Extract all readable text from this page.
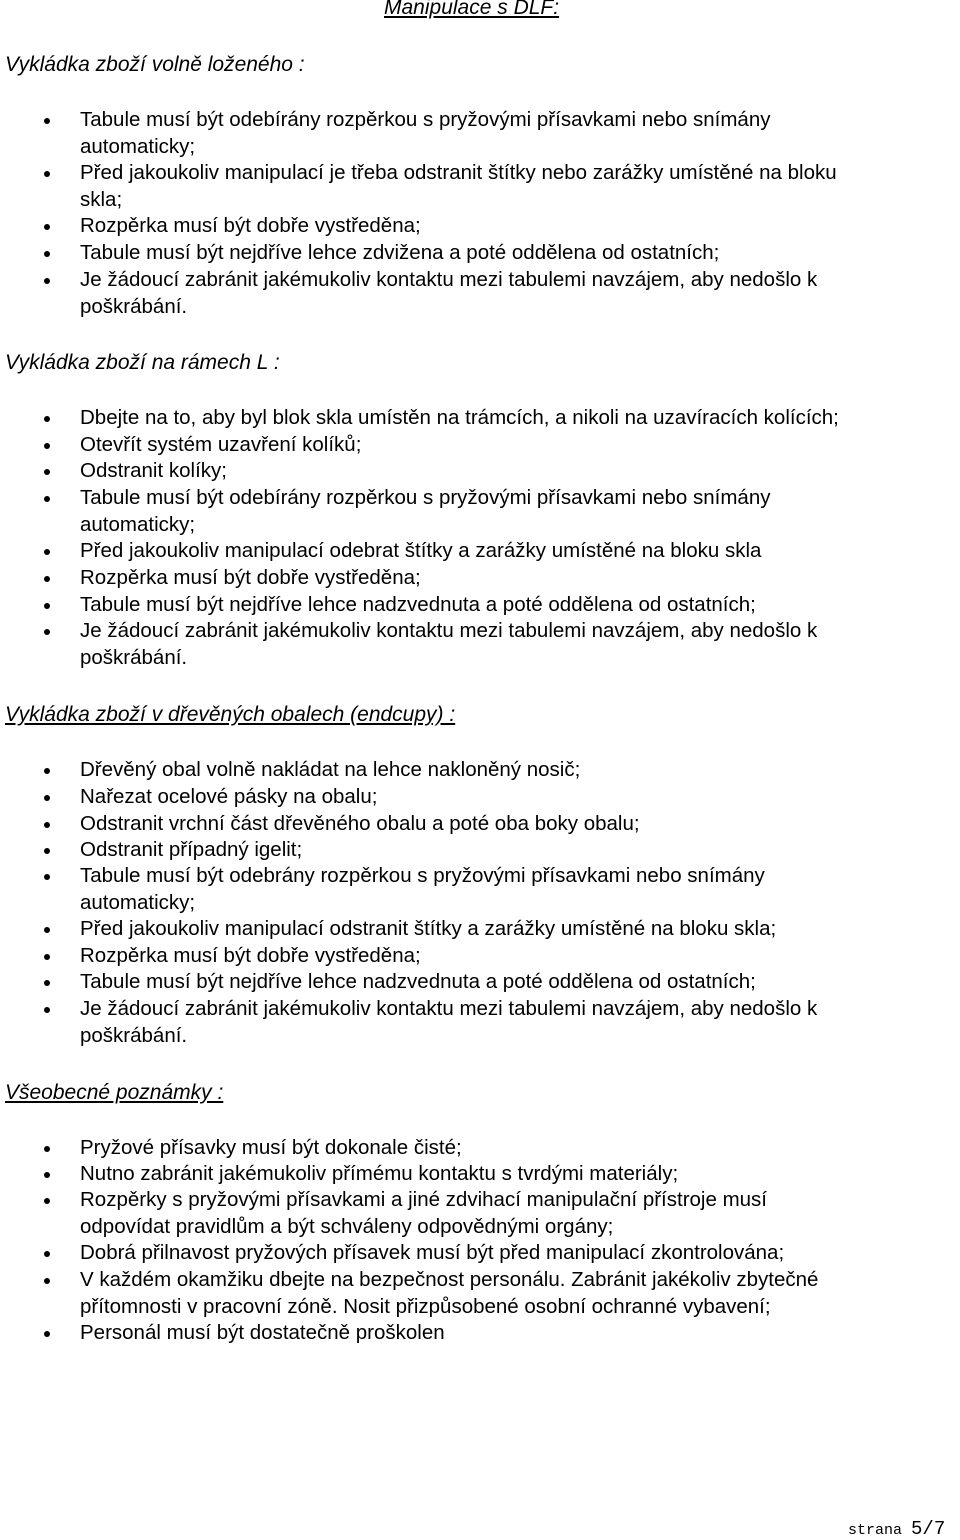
Manipulace s DLF:
Vykládka zboží volně loženého :
Tabule musí být odebírány rozpěrkou s pryžovými přísavkami nebo snímány
automaticky;
Před jakoukoliv manipulací je třeba odstranit štítky nebo zarážky umístěné na bloku
skla;
Rozpěrka musí být dobře vystředěna;
Tabule musí být nejdříve lehce zdvižena a poté oddělena od ostatních;
Je žádoucí zabránit jakémukoliv kontaktu mezi tabulemi navzájem, aby nedošlo k
poškrábání.
Vykládka zboží na rámech L :
Dbejte na to, aby byl blok skla umístěn na trámcích, a nikoli na uzavíracích kolících;
Otevřít systém uzavření kolíků;
Odstranit kolíky;
Tabule musí být odebírány rozpěrkou s pryžovými přísavkami nebo snímány
automaticky;
Před jakoukoliv manipulací odebrat štítky a zarážky umístěné na bloku skla
Rozpěrka musí být dobře vystředěna;
Tabule musí být nejdříve lehce nadzvednuta a poté oddělena od ostatních;
Je žádoucí zabránit jakémukoliv kontaktu mezi tabulemi navzájem, aby nedošlo k
poškrábání.
Vykládka zboží v dřevěných obalech (endcupy) :
Dřevěný obal volně nakládat na lehce nakloněný nosič;
Nařezat ocelové pásky na obalu;
Odstranit vrchní část dřevěného obalu a poté oba boky obalu;
Odstranit případný igelit;
Tabule musí být odebrány rozpěrkou s pryžovými přísavkami nebo snímány
automaticky;
Před jakoukoliv manipulací odstranit štítky a zarážky umístěné na bloku skla;
Rozpěrka musí být dobře vystředěna;
Tabule musí být nejdříve lehce nadzvednuta a poté oddělena od ostatních;
Je žádoucí zabránit jakémukoliv kontaktu mezi tabulemi navzájem, aby nedošlo k
poškrábání.
Všeobecné poznámky :
Pryžové přísavky musí být dokonale čisté;
Nutno zabránit jakémukoliv přímému kontaktu s tvrdými materiály;
Rozpěrky s pryžovými přísavkami a jiné zdvihací manipulační přístroje musí
odpovídat pravidlům a být schváleny odpovědnými orgány;
Dobrá přilnavost pryžových přísavek musí být před manipulací zkontrolována;
V každém okamžiku dbejte na bezpečnost personálu. Zabránit jakékoliv zbytečné
přítomnosti v pracovní zóně. Nosit přizpůsobené osobní ochranné vybavení;
Personál musí být dostatečně proškolen
strana 5/7
